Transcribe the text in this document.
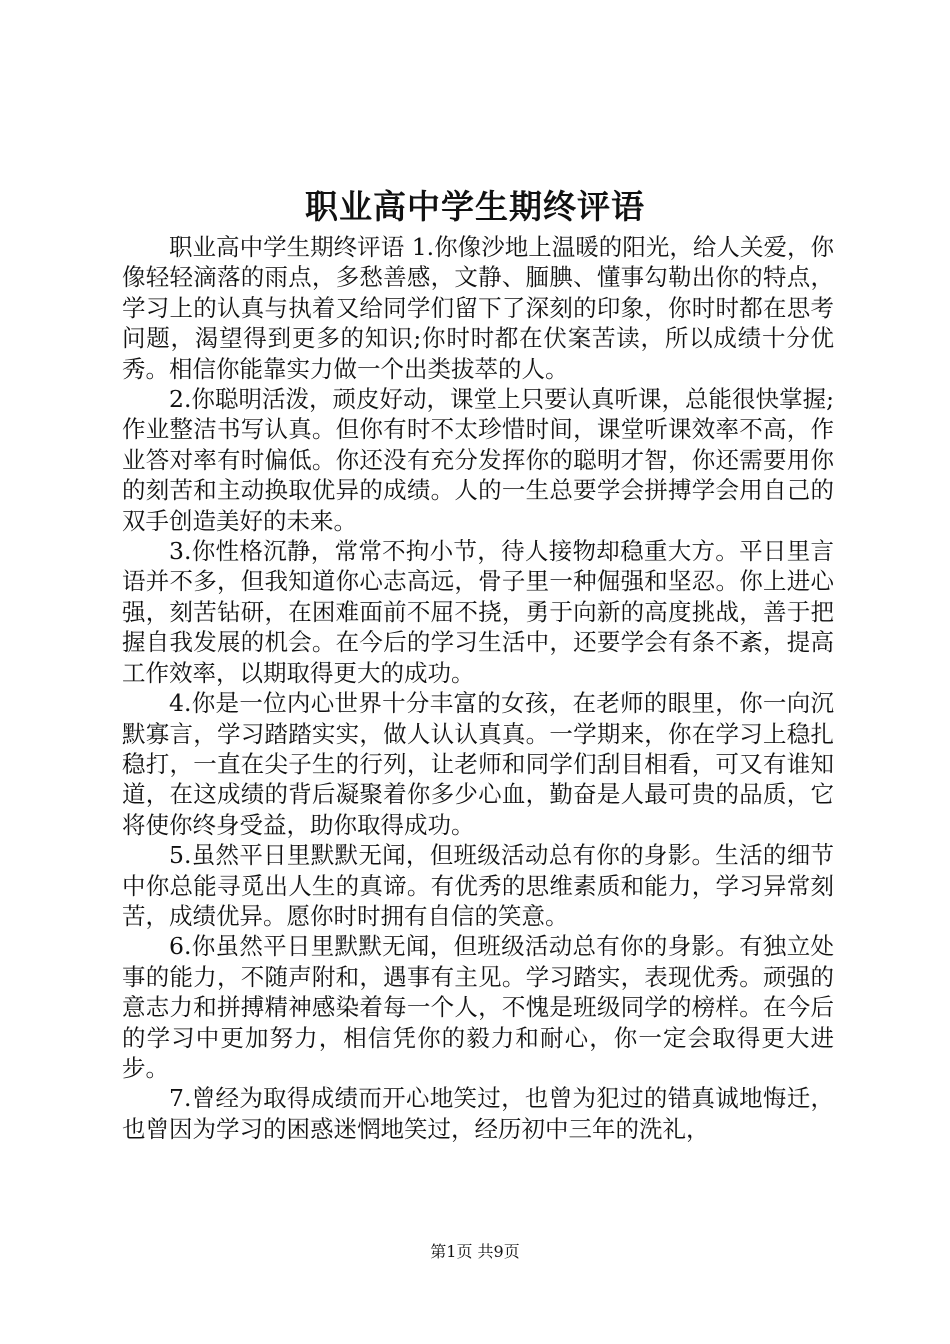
职业高中学生期终评语

职业高中学生期终评语 1.你像沙地上温暖的阳光，给人关爱，你像轻轻滴落的雨点，多愁善感，文静、腼腆、懂事勾勒出你的特点，学习上的认真与执着又给同学们留下了深刻的印象，你时时都在思考问题，渴望得到更多的知识;你时时都在伏案苦读，所以成绩十分优秀。相信你能靠实力做一个出类拔萃的人。

2.你聪明活泼，顽皮好动，课堂上只要认真听课，总能很快掌握;作业整洁书写认真。但你有时不太珍惜时间，课堂听课效率不高，作业答对率有时偏低。你还没有充分发挥你的聪明才智，你还需要用你的刻苦和主动换取优异的成绩。人的一生总要学会拼搏学会用自己的双手创造美好的未来。

3.你性格沉静，常常不拘小节，待人接物却稳重大方。平日里言语并不多，但我知道你心志高远，骨子里一种倔强和坚忍。你上进心强，刻苦钻研，在困难面前不屈不挠，勇于向新的高度挑战，善于把握自我发展的机会。在今后的学习生活中，还要学会有条不紊，提高工作效率，以期取得更大的成功。

4.你是一位内心世界十分丰富的女孩，在老师的眼里，你一向沉默寡言，学习踏踏实实，做人认认真真。一学期来，你在学习上稳扎稳打，一直在尖子生的行列，让老师和同学们刮目相看，可又有谁知道，在这成绩的背后凝聚着你多少心血，勤奋是人最可贵的品质，它将使你终身受益，助你取得成功。

5.虽然平日里默默无闻，但班级活动总有你的身影。生活的细节中你总能寻觅出人生的真谛。有优秀的思维素质和能力，学习异常刻苦，成绩优异。愿你时时拥有自信的笑意。

6.你虽然平日里默默无闻，但班级活动总有你的身影。有独立处事的能力，不随声附和，遇事有主见。学习踏实，表现优秀。顽强的意志力和拼搏精神感染着每一个人，不愧是班级同学的榜样。在今后的学习中更加努力，相信凭你的毅力和耐心，你一定会取得更大进步。

7.曾经为取得成绩而开心地笑过，也曾为犯过的错真诚地悔迁，也曾因为学习的困惑迷惘地笑过，经历初中三年的洗礼，

第1页 共9页
